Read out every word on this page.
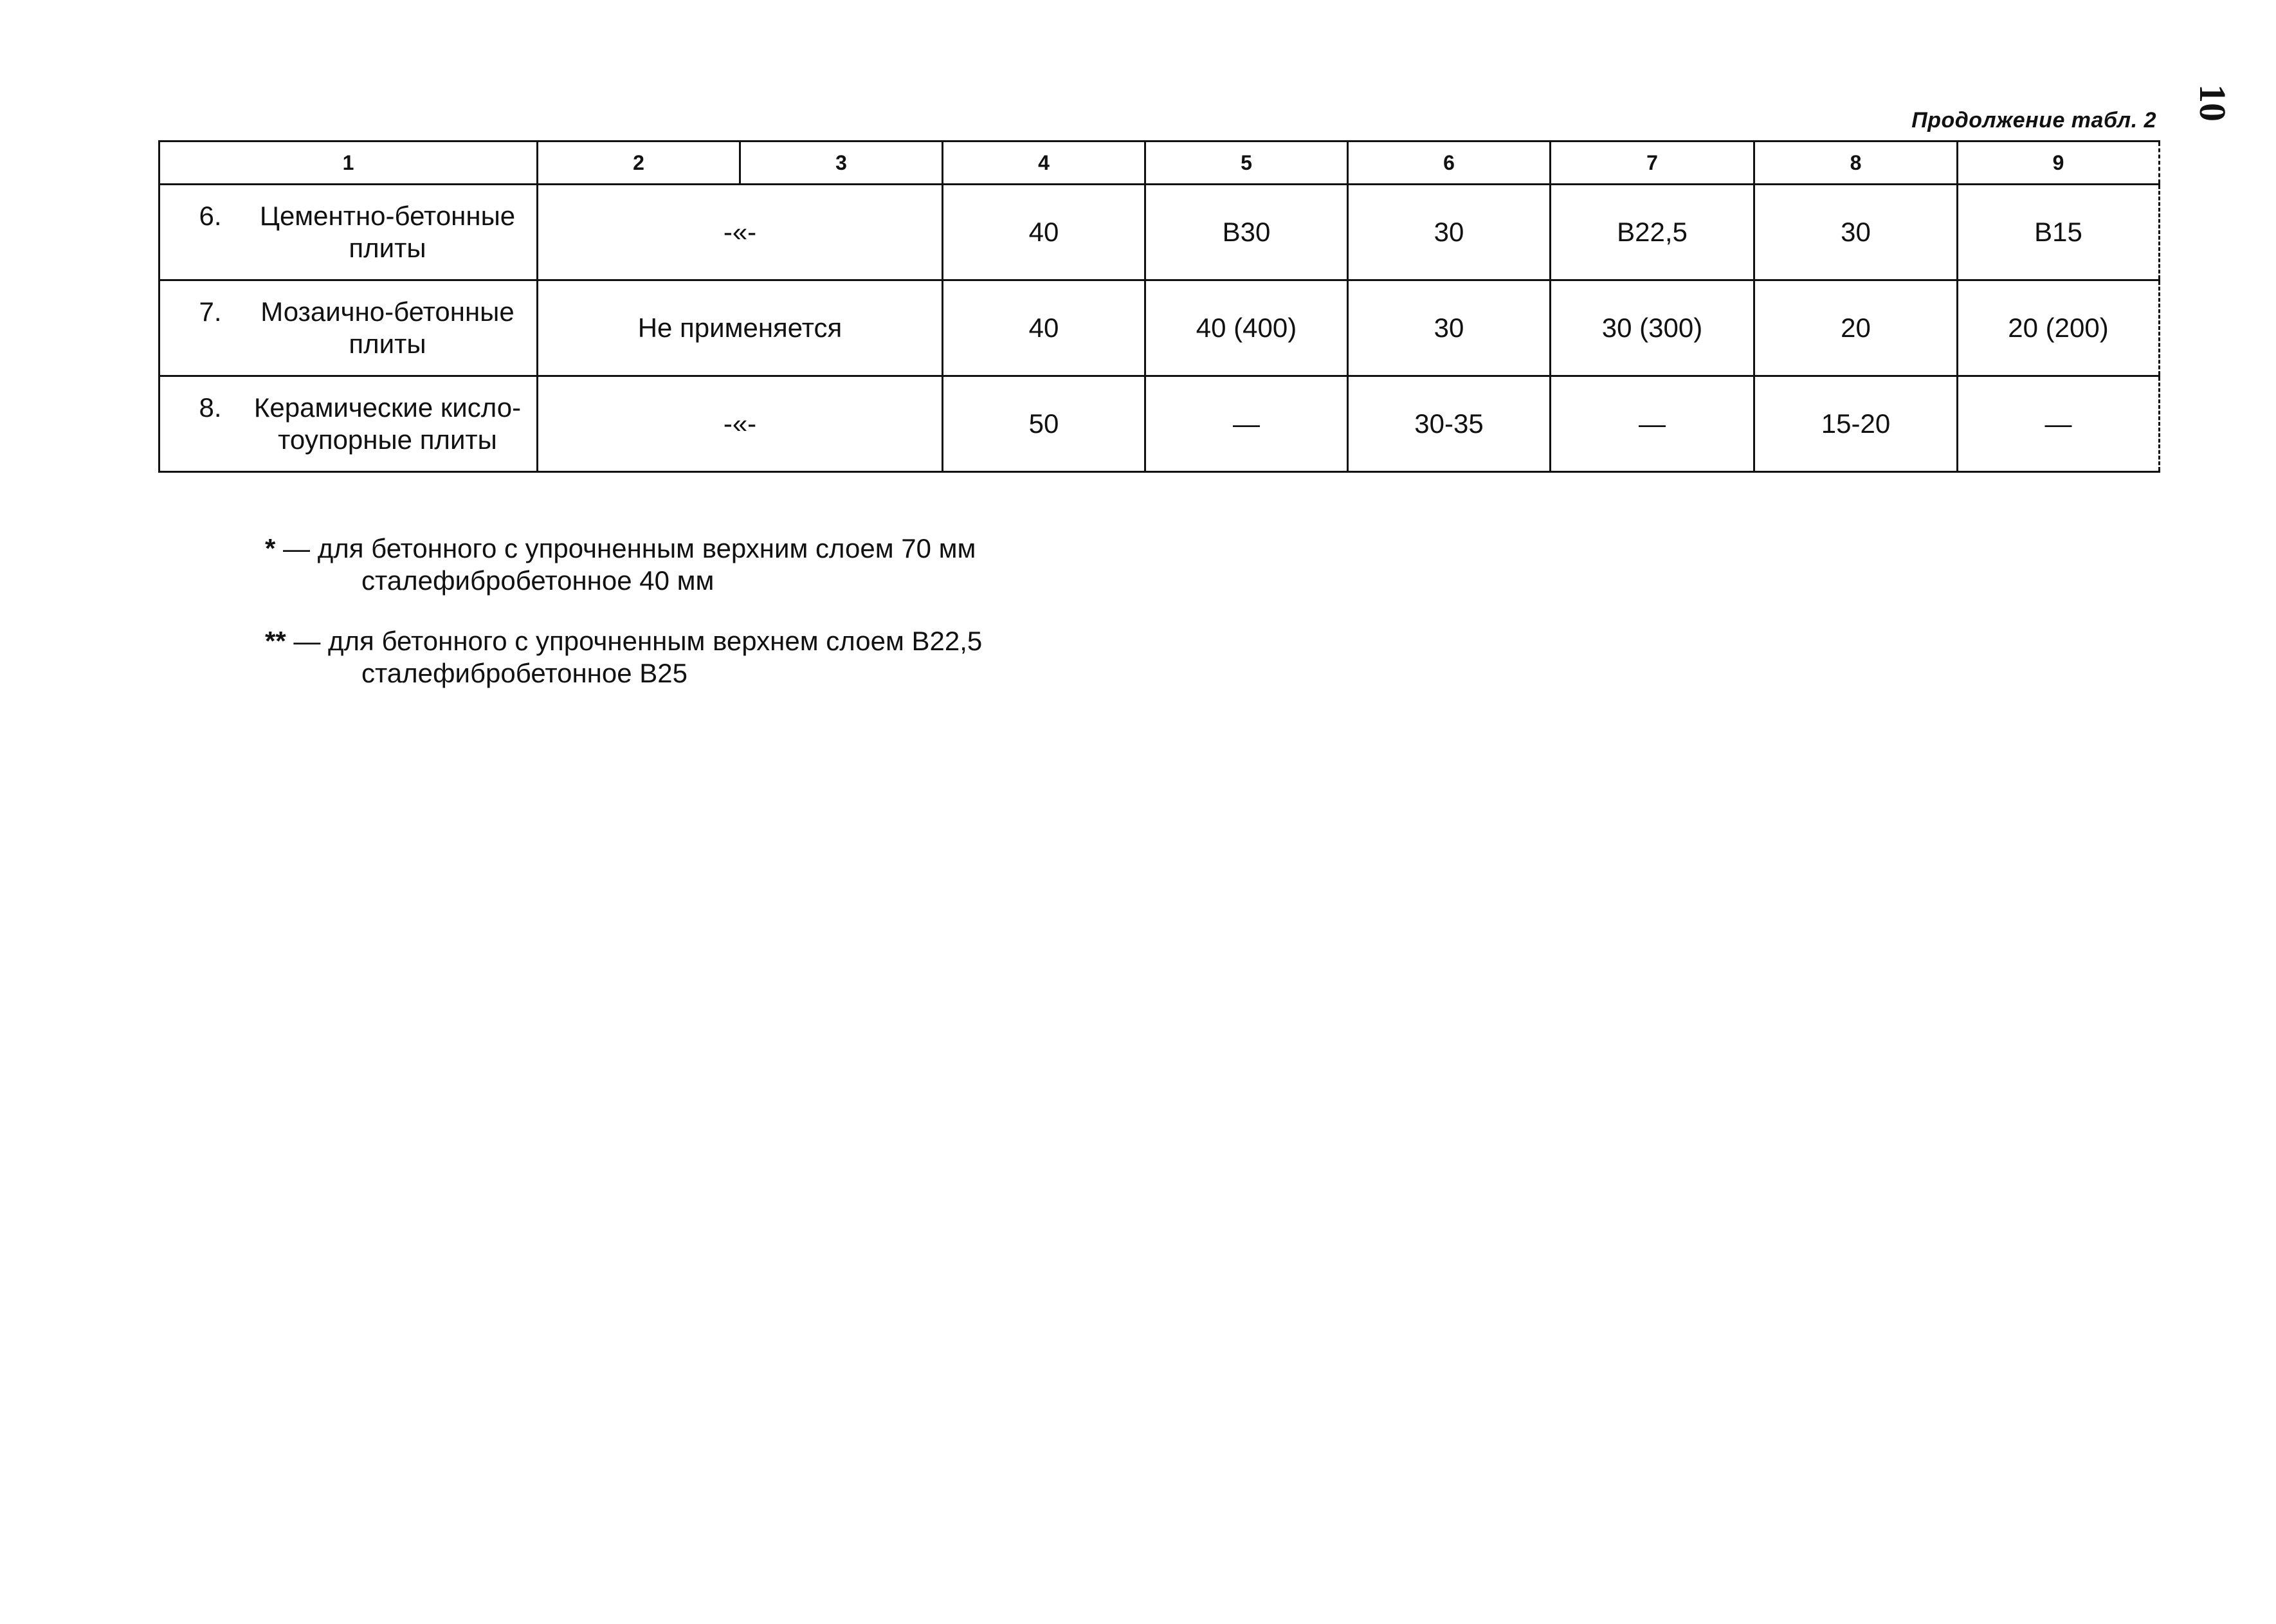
10
Продолжение табл. 2
1	2	3	4	5	6	7	8	9

6. Цементно-бетонные плиты	-«-		40	В30	30	В22,5	30	В15

7. Мозаично-бетонные плиты	Не применяется		40	40 (400)	30	30 (300)	20	20 (200)

8. Керамические кисло-тоупорные плиты	-«-		50	—	30-35	—	15-20	—
* — для бетонного с упрочненным верхним слоем 70 мм
сталефибробетонное 40 мм
** — для бетонного с упрочненным верхнем слоем В22,5
сталефибробетонное В25
